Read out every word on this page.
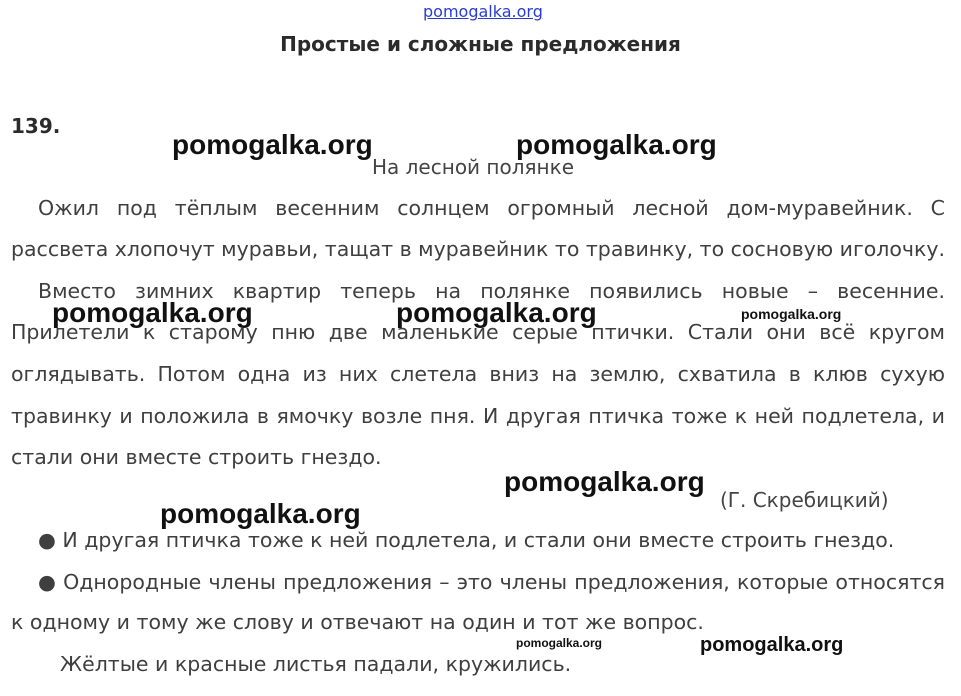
pomogalka.org
Простые и сложные предложения
139.
На лесной полянке
Ожил под тёплым весенним солнцем огромный лесной дом-муравейник. С
рассвета хлопочут муравьи, тащат в муравейник то травинку, то сосновую иголочку.
Вместо зимних квартир теперь на полянке появились новые – весенние.
Прилетели к старому пню две маленькие серые птички. Стали они всё кругом
оглядывать. Потом одна из них слетела вниз на землю, схватила в клюв сухую
травинку и положила в ямочку возле пня. И другая птичка тоже к ней подлетела, и
стали они вместе строить гнездо.
(Г. Скребицкий)
● И другая птичка тоже к ней подлетела, и стали они вместе строить гнездо.
● Однородные члены предложения – это члены предложения, которые относятся
к одному и тому же слову и отвечают на один и тот же вопрос.
Жёлтые и красные листья падали, кружились.
pomogalka.org	pomogalka.org
pomogalka.org	pomogalka.org	pomogalka.org
pomogalka.org
pomogalka.org
pomogalka.org	pomogalka.org
